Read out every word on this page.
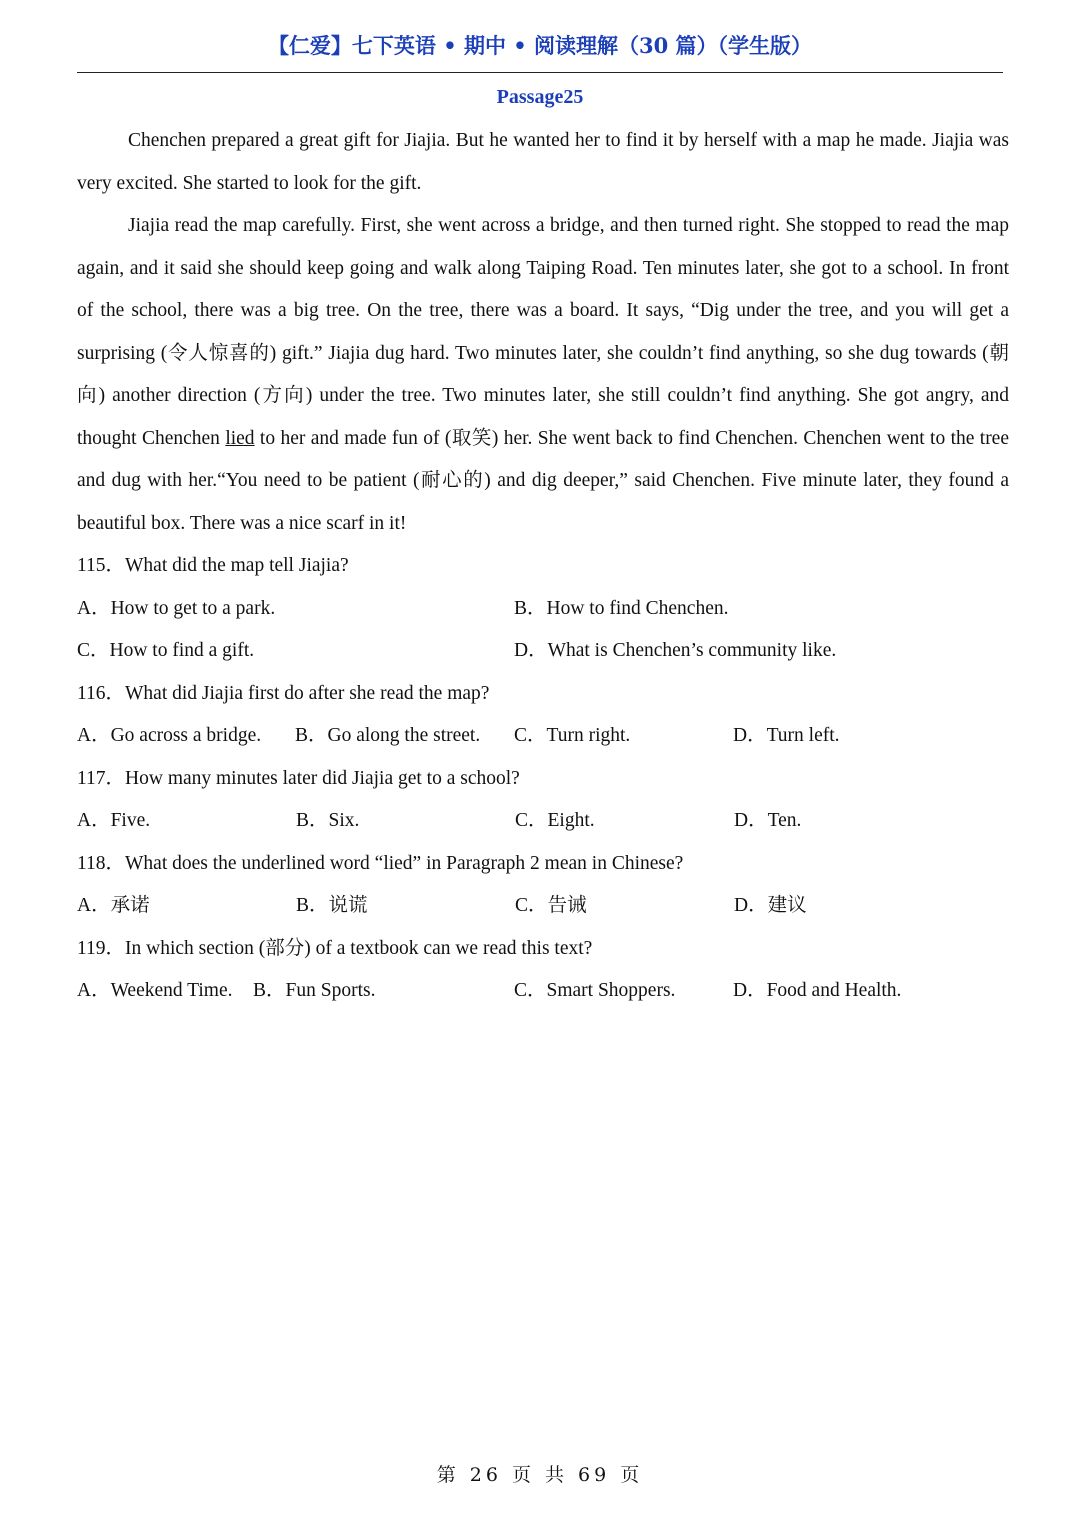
【仁爱】七下英语 • 期中 • 阅读理解（30 篇）（学生版）
Passage25

Chenchen prepared a great gift for Jiajia. But he wanted her to find it by herself with a map he made. Jiajia was very excited. She started to look for the gift.

Jiajia read the map carefully. First, she went across a bridge, and then turned right. She stopped to read the map again, and it said she should keep going and walk along Taiping Road. Ten minutes later, she got to a school. In front of the school, there was a big tree. On the tree, there was a board. It says, “Dig under the tree, and you will get a surprising (令人惊喜的) gift.” Jiajia dug hard. Two minutes later, she couldn’t find anything, so she dug towards (朝向) another direction (方向) under the tree. Two minutes later, she still couldn’t find anything. She got angry, and thought Chenchen lied to her and made fun of (取笑) her. She went back to find Chenchen. Chenchen went to the tree and dug with her.“You need to be patient (耐心的) and dig deeper,” said Chenchen. Five minute later, they found a beautiful box. There was a nice scarf in it!

115．What did the map tell Jiajia?

A．How to get to a park.	B．How to find Chenchen.
C．How to find a gift.	D．What is Chenchen’s community like.

116．What did Jiajia first do after she read the map?

A．Go across a bridge.	B．Go along the street.	C．Turn right.	D．Turn left.

117．How many minutes later did Jiajia get to a school?

A．Five.	B．Six.	C．Eight.	D．Ten.

118．What does the underlined word “lied” in Paragraph 2 mean in Chinese?

A．承诺	B．说谎	C．告诫	D．建议

119．In which section (部分) of a textbook can we read this text?

A．Weekend Time.	B．Fun Sports.	C．Smart Shoppers.	D．Food and Health.
第 26 页 共 69 页
